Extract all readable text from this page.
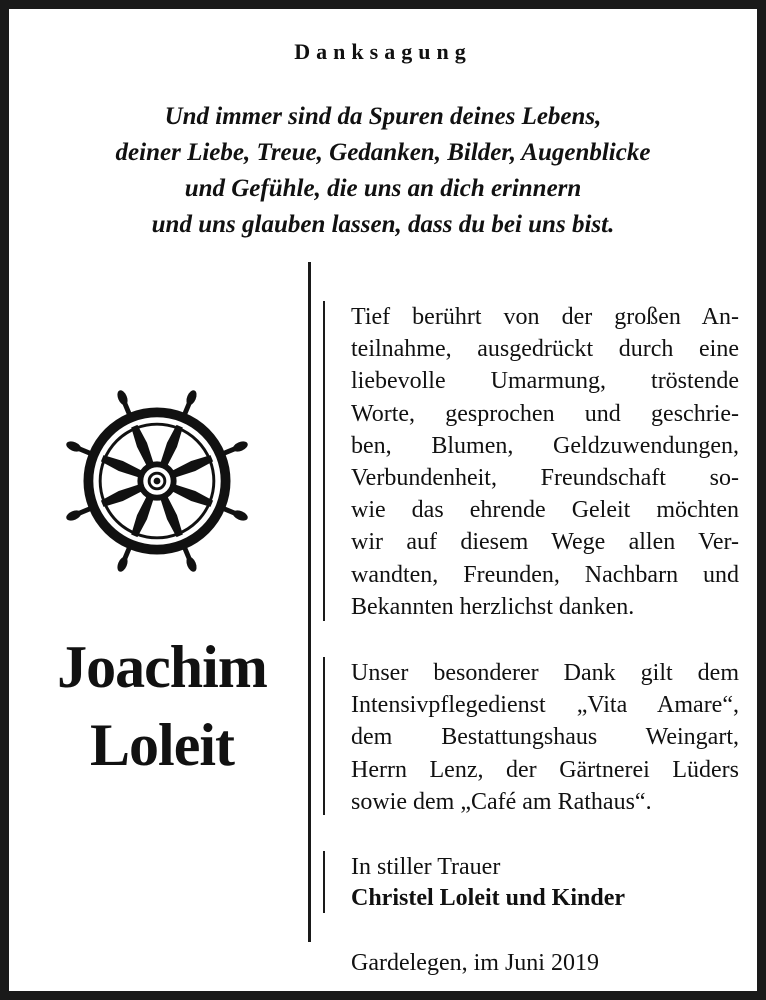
Danksagung
Und immer sind da Spuren deines Lebens,
deiner Liebe, Treue, Gedanken, Bilder, Augenblicke
und Gefühle, die uns an dich erinnern
und uns glauben lassen, dass du bei uns bist.
Joachim
Loleit
Tief berührt von der großen An-
teilnahme, ausgedrückt durch eine
liebevolle Umarmung, tröstende
Worte, gesprochen und geschrie-
ben, Blumen, Geldzuwendungen,
Verbundenheit, Freundschaft so-
wie das ehrende Geleit möchten
wir auf diesem Wege allen Ver-
wandten, Freunden, Nachbarn und
Bekannten herzlichst danken.
Unser besonderer Dank gilt dem
Intensivpflegedienst „Vita Amare“,
dem Bestattungshaus Weingart,
Herrn Lenz, der Gärtnerei Lüders
sowie dem „Café am Rathaus“.
In stiller Trauer
Christel Loleit und Kinder
Gardelegen, im Juni 2019
